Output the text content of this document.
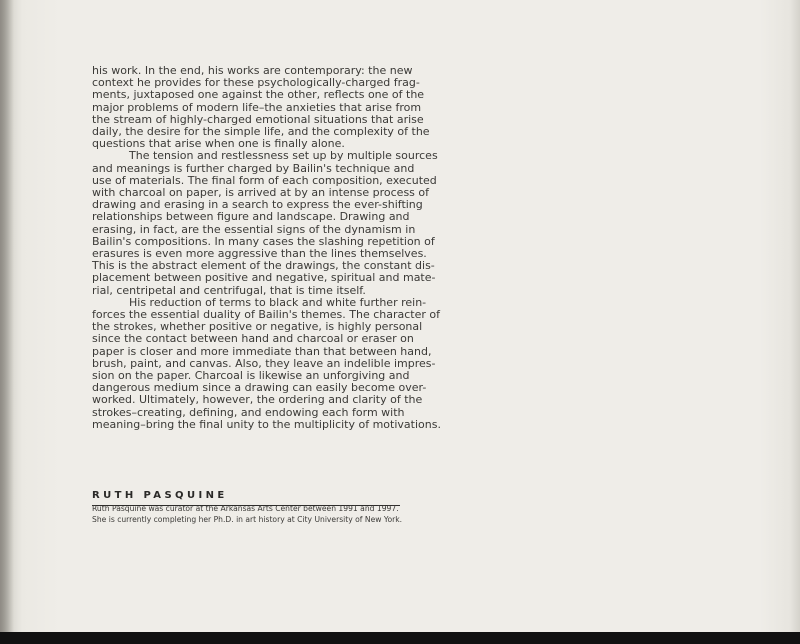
his work. In the end, his works are contemporary: the new
context he provides for these psychologically-charged frag-
ments, juxtaposed one against the other, reflects one of the
major problems of modern life–the anxieties that arise from
the stream of highly-charged emotional situations that arise
daily, the desire for the simple life, and the complexity of the
questions that arise when one is finally alone.

The tension and restlessness set up by multiple sources
and meanings is further charged by Bailin's technique and
use of materials. The final form of each composition, executed
with charcoal on paper, is arrived at by an intense process of
drawing and erasing in a search to express the ever-shifting
relationships between figure and landscape. Drawing and
erasing, in fact, are the essential signs of the dynamism in
Bailin's compositions. In many cases the slashing repetition of
erasures is even more aggressive than the lines themselves.
This is the abstract element of the drawings, the constant dis-
placement between positive and negative, spiritual and mate-
rial, centripetal and centrifugal, that is time itself.

His reduction of terms to black and white further rein-
forces the essential duality of Bailin's themes. The character of
the strokes, whether positive or negative, is highly personal
since the contact between hand and charcoal or eraser on
paper is closer and more immediate than that between hand,
brush, paint, and canvas. Also, they leave an indelible impres-
sion on the paper. Charcoal is likewise an unforgiving and
dangerous medium since a drawing can easily become over-
worked. Ultimately, however, the ordering and clarity of the
strokes–creating, defining, and endowing each form with
meaning–bring the final unity to the multiplicity of motivations.

RUTH PASQUINE
Ruth Pasquine was curator at the Arkansas Arts Center between 1991 and 1997.
She is currently completing her Ph.D. in art history at City University of New York.
